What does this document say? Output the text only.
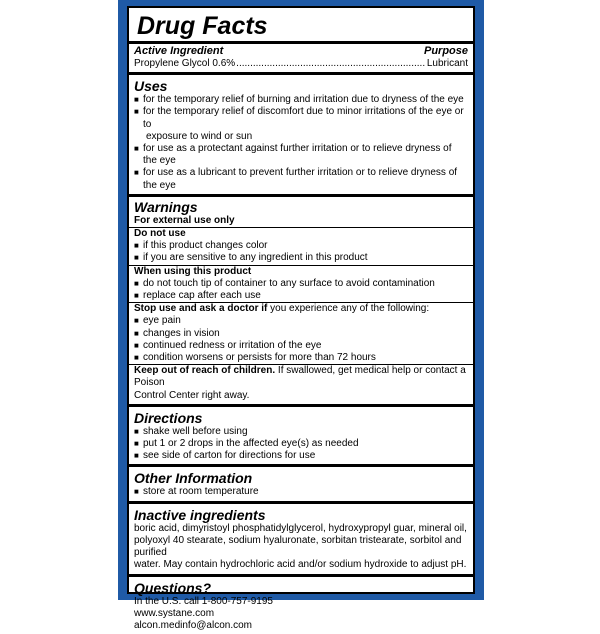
Drug Facts
Active Ingredient	Purpose
Propylene Glycol 0.6%
.....	Lubricant
Uses
■
for the temporary relief of burning and irritation due to dryness of the eye
■
for the temporary relief of discomfort due to minor irritations of the eye or to
exposure to wind or sun
■
for use as a protectant against further irritation or to relieve dryness of the eye
■
for use as a lubricant to prevent further irritation or to relieve dryness of the eye
Warnings
For external use only
Do not use
■
if this product changes color
■
if you are sensitive to any ingredient in this product
When using this product
■
do not touch tip of container to any surface to avoid contamination
■
replace cap after each use
Stop use and ask a doctor if you experience any of the following:
■
eye pain
■
changes in vision
■
continued redness or irritation of the eye
■
condition worsens or persists for more than 72 hours
Keep out of reach of children. If swallowed, get medical help or contact a Poison
Control Center right away.
Directions
■
shake well before using
■
put 1 or 2 drops in the affected eye(s) as needed
■
see side of carton for directions for use
Other Information
■
store at room temperature
Inactive ingredients
boric acid, dimyristoyl phosphatidylglycerol, hydroxypropyl guar, mineral oil,
polyoxyl 40 stearate, sodium hyaluronate, sorbitan tristearate, sorbitol and purified
water. May contain hydrochloric acid and/or sodium hydroxide to adjust pH.
Questions?
In the U.S. call 1-800-757-9195
www.systane.com
alcon.medinfo@alcon.com
